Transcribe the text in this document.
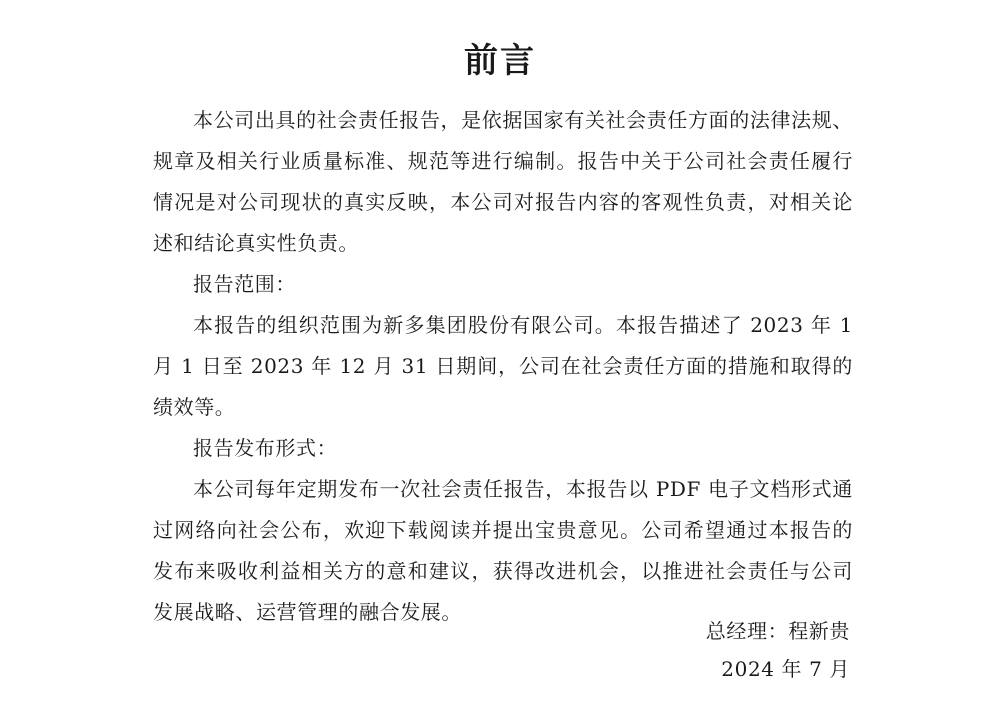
前言

本公司出具的社会责任报告，是依据国家有关社会责任方面的法律法规、规章及相关行业质量标准、规范等进行编制。报告中关于公司社会责任履行情况是对公司现状的真实反映，本公司对报告内容的客观性负责，对相关论述和结论真实性负责。

报告范围：

本报告的组织范围为新多集团股份有限公司。本报告描述了 2023 年 1 月 1 日至 2023 年 12 月 31 日期间，公司在社会责任方面的措施和取得的绩效等。

报告发布形式：

本公司每年定期发布一次社会责任报告，本报告以 PDF 电子文档形式通过网络向社会公布，欢迎下载阅读并提出宝贵意见。公司希望通过本报告的发布来吸收利益相关方的意和建议，获得改进机会，以推进社会责任与公司发展战略、运营管理的融合发展。

总经理：程新贵
2024 年 7 月
